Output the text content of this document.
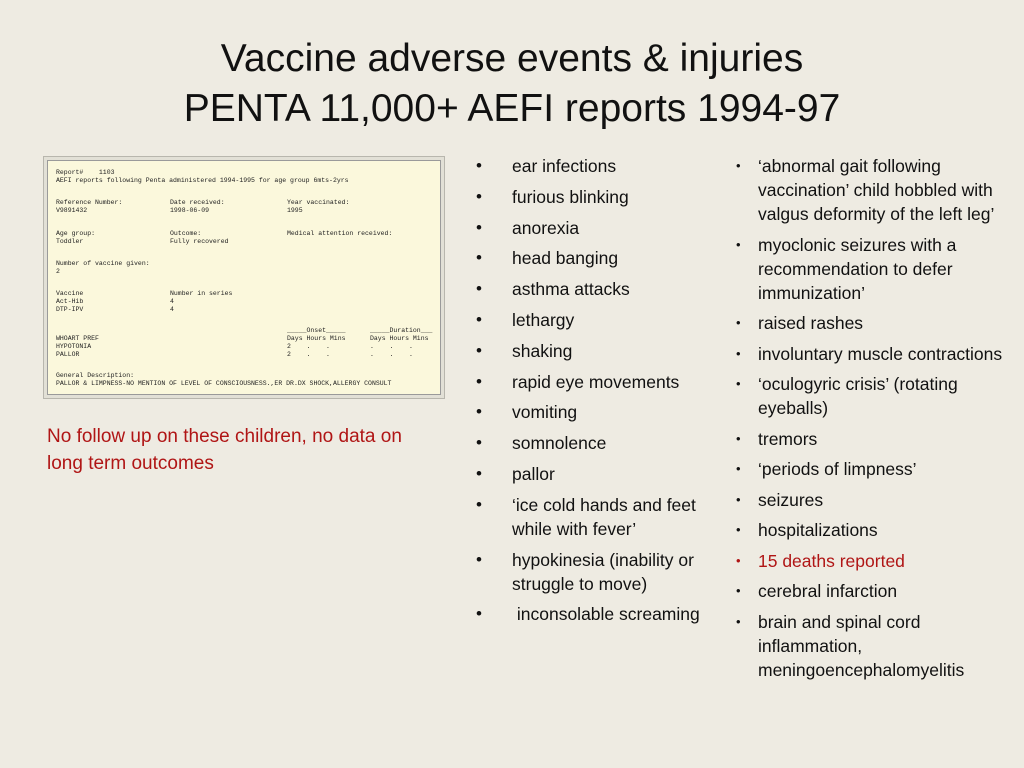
Vaccine adverse events & injuries
PENTA 11,000+ AEFI reports 1994-97
Report#    1103
AEFI reports following Penta administered 1994-1995 for age group 6mts-2yrs
Reference Number:
V9891432
Date received:
1998-06-09
Year vaccinated:
1995
Age group:
Toddler
Outcome:
Fully recovered
Medical attention received:
Number of vaccine given:
2
Vaccine	Number in series
Act-Hib	4
DTP-IPV	4
_____Onset_____	_____Duration___
WHOART PREF	Days Hours Mins	Days Hours Mins
HYPOTONIA	2    .    .	.    .    .
PALLOR	2    .    .	.    .    .
General Description:
PALLOR & LIMPNESS-NO MENTION OF LEVEL OF CONSCIOUSNESS.,ER DR.DX SHOCK,ALLERGY CONSULT
No follow up on these children, no data on long term outcomes
• ear infections
• furious blinking
• anorexia
• head banging
• asthma attacks
• lethargy
• shaking
• rapid eye movements
• vomiting
• somnolence
• pallor
• ‘ice cold hands and feet while with fever’
• hypokinesia (inability or struggle to move)
• inconsolable screaming
• ‘abnormal gait following vaccination’ child hobbled with valgus deformity of the left leg’
• myoclonic seizures with a recommendation to defer immunization’
• raised rashes
• involuntary muscle contractions
• ‘oculogyric crisis’ (rotating eyeballs)
• tremors
• ‘periods of limpness’
• seizures
• hospitalizations
• 15 deaths reported
• cerebral infarction
• brain and spinal cord inflammation, meningoencephalomyelitis
